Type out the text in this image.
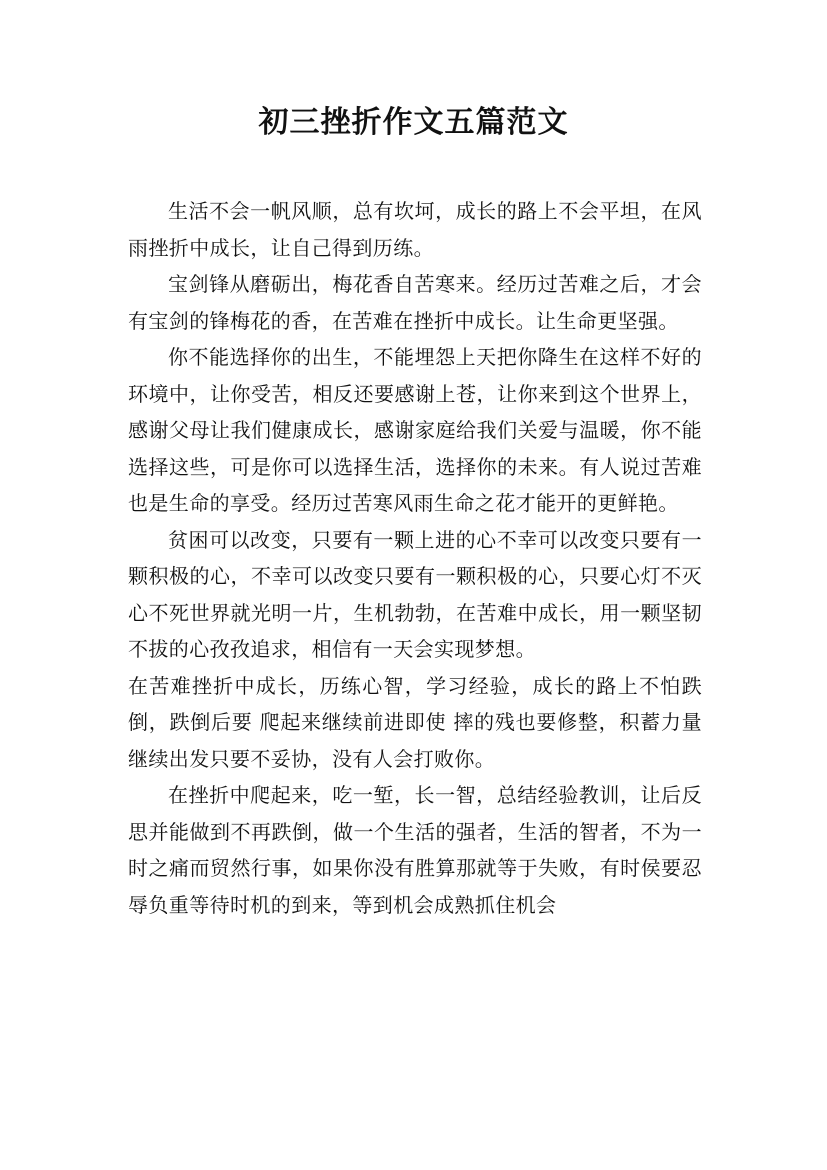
初三挫折作文五篇范文

生活不会一帆风顺，总有坎坷，成长的路上不会平坦，在风雨挫折中成长，让自己得到历练。

宝剑锋从磨砺出，梅花香自苦寒来。经历过苦难之后，才会有宝剑的锋梅花的香，在苦难在挫折中成长。让生命更坚强。

你不能选择你的出生，不能埋怨上天把你降生在这样不好的环境中，让你受苦，相反还要感谢上苍，让你来到这个世界上，感谢父母让我们健康成长，感谢家庭给我们关爱与温暖，你不能选择这些，可是你可以选择生活，选择你的未来。有人说过苦难也是生命的享受。经历过苦寒风雨生命之花才能开的更鲜艳。

贫困可以改变，只要有一颗上进的心不幸可以改变只要有一颗积极的心，不幸可以改变只要有一颗积极的心，只要心灯不灭心不死世界就光明一片，生机勃勃，在苦难中成长，用一颗坚韧不拔的心孜孜追求，相信有一天会实现梦想。

在苦难挫折中成长，历练心智，学习经验，成长的路上不怕跌倒，跌倒后要 爬起来继续前进即使 摔的残也要修整，积蓄力量继续出发只要不妥协，没有人会打败你。

在挫折中爬起来，吃一堑，长一智，总结经验教训，让后反思并能做到不再跌倒，做一个生活的强者，生活的智者，不为一时之痛而贸然行事，如果你没有胜算那就等于失败，有时侯要忍辱负重等待时机的到来，等到机会成熟抓住机会
